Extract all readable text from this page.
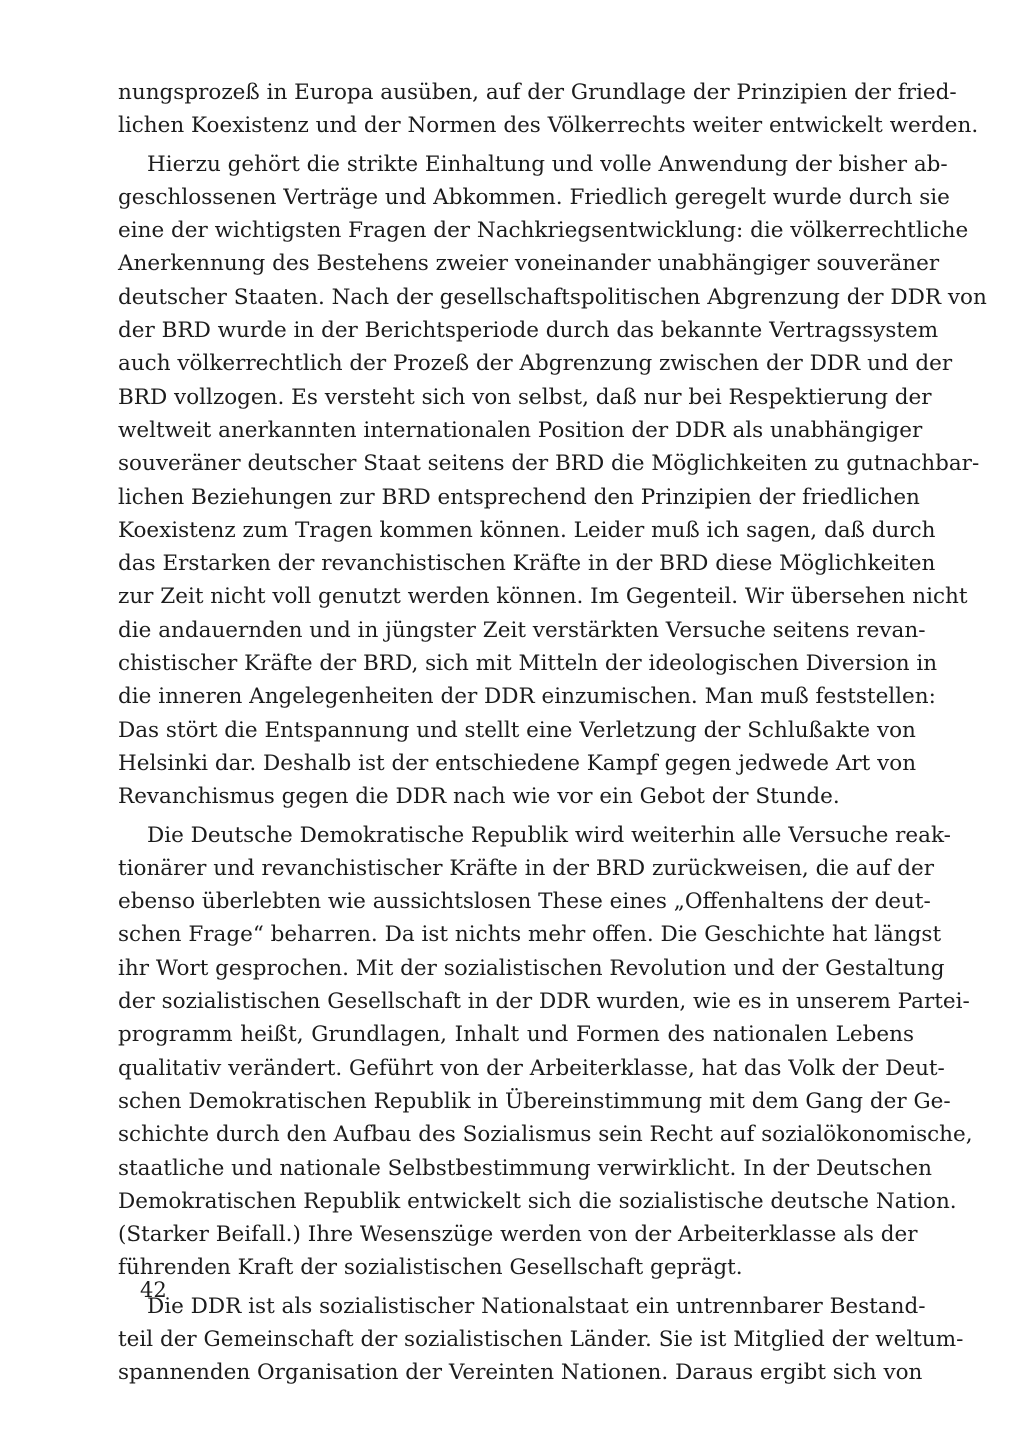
nungsprozeß in Europa ausüben, auf der Grundlage der Prinzipien der fried-
lichen Koexistenz und der Normen des Völkerrechts weiter entwickelt werden.
Hierzu gehört die strikte Einhaltung und volle Anwendung der bisher ab-
geschlossenen Verträge und Abkommen. Friedlich geregelt wurde durch sie
eine der wichtigsten Fragen der Nachkriegsentwicklung: die völkerrechtliche
Anerkennung des Bestehens zweier voneinander unabhängiger souveräner
deutscher Staaten. Nach der gesellschaftspolitischen Abgrenzung der DDR von
der BRD wurde in der Berichtsperiode durch das bekannte Vertragssystem
auch völkerrechtlich der Prozeß der Abgrenzung zwischen der DDR und der
BRD vollzogen. Es versteht sich von selbst, daß nur bei Respektierung der
weltweit anerkannten internationalen Position der DDR als unabhängiger
souveräner deutscher Staat seitens der BRD die Möglichkeiten zu gutnachbar-
lichen Beziehungen zur BRD entsprechend den Prinzipien der friedlichen
Koexistenz zum Tragen kommen können. Leider muß ich sagen, daß durch
das Erstarken der revanchistischen Kräfte in der BRD diese Möglichkeiten
zur Zeit nicht voll genutzt werden können. Im Gegenteil. Wir übersehen nicht
die andauernden und in jüngster Zeit verstärkten Versuche seitens revan-
chistischer Kräfte der BRD, sich mit Mitteln der ideologischen Diversion in
die inneren Angelegenheiten der DDR einzumischen. Man muß feststellen:
Das stört die Entspannung und stellt eine Verletzung der Schlußakte von
Helsinki dar. Deshalb ist der entschiedene Kampf gegen jedwede Art von
Revanchismus gegen die DDR nach wie vor ein Gebot der Stunde.
Die Deutsche Demokratische Republik wird weiterhin alle Versuche reak-
tionärer und revanchistischer Kräfte in der BRD zurückweisen, die auf der
ebenso überlebten wie aussichtslosen These eines „Offenhaltens der deut-
schen Frage“ beharren. Da ist nichts mehr offen. Die Geschichte hat längst
ihr Wort gesprochen. Mit der sozialistischen Revolution und der Gestaltung
der sozialistischen Gesellschaft in der DDR wurden, wie es in unserem Partei-
programm heißt, Grundlagen, Inhalt und Formen des nationalen Lebens
qualitativ verändert. Geführt von der Arbeiterklasse, hat das Volk der Deut-
schen Demokratischen Republik in Übereinstimmung mit dem Gang der Ge-
schichte durch den Aufbau des Sozialismus sein Recht auf sozialökonomische,
staatliche und nationale Selbstbestimmung verwirklicht. In der Deutschen
Demokratischen Republik entwickelt sich die sozialistische deutsche Nation.
(Starker Beifall.) Ihre Wesenszüge werden von der Arbeiterklasse als der
führenden Kraft der sozialistischen Gesellschaft geprägt.
Die DDR ist als sozialistischer Nationalstaat ein untrennbarer Bestand-
teil der Gemeinschaft der sozialistischen Länder. Sie ist Mitglied der weltum-
spannenden Organisation der Vereinten Nationen. Daraus ergibt sich von
42
